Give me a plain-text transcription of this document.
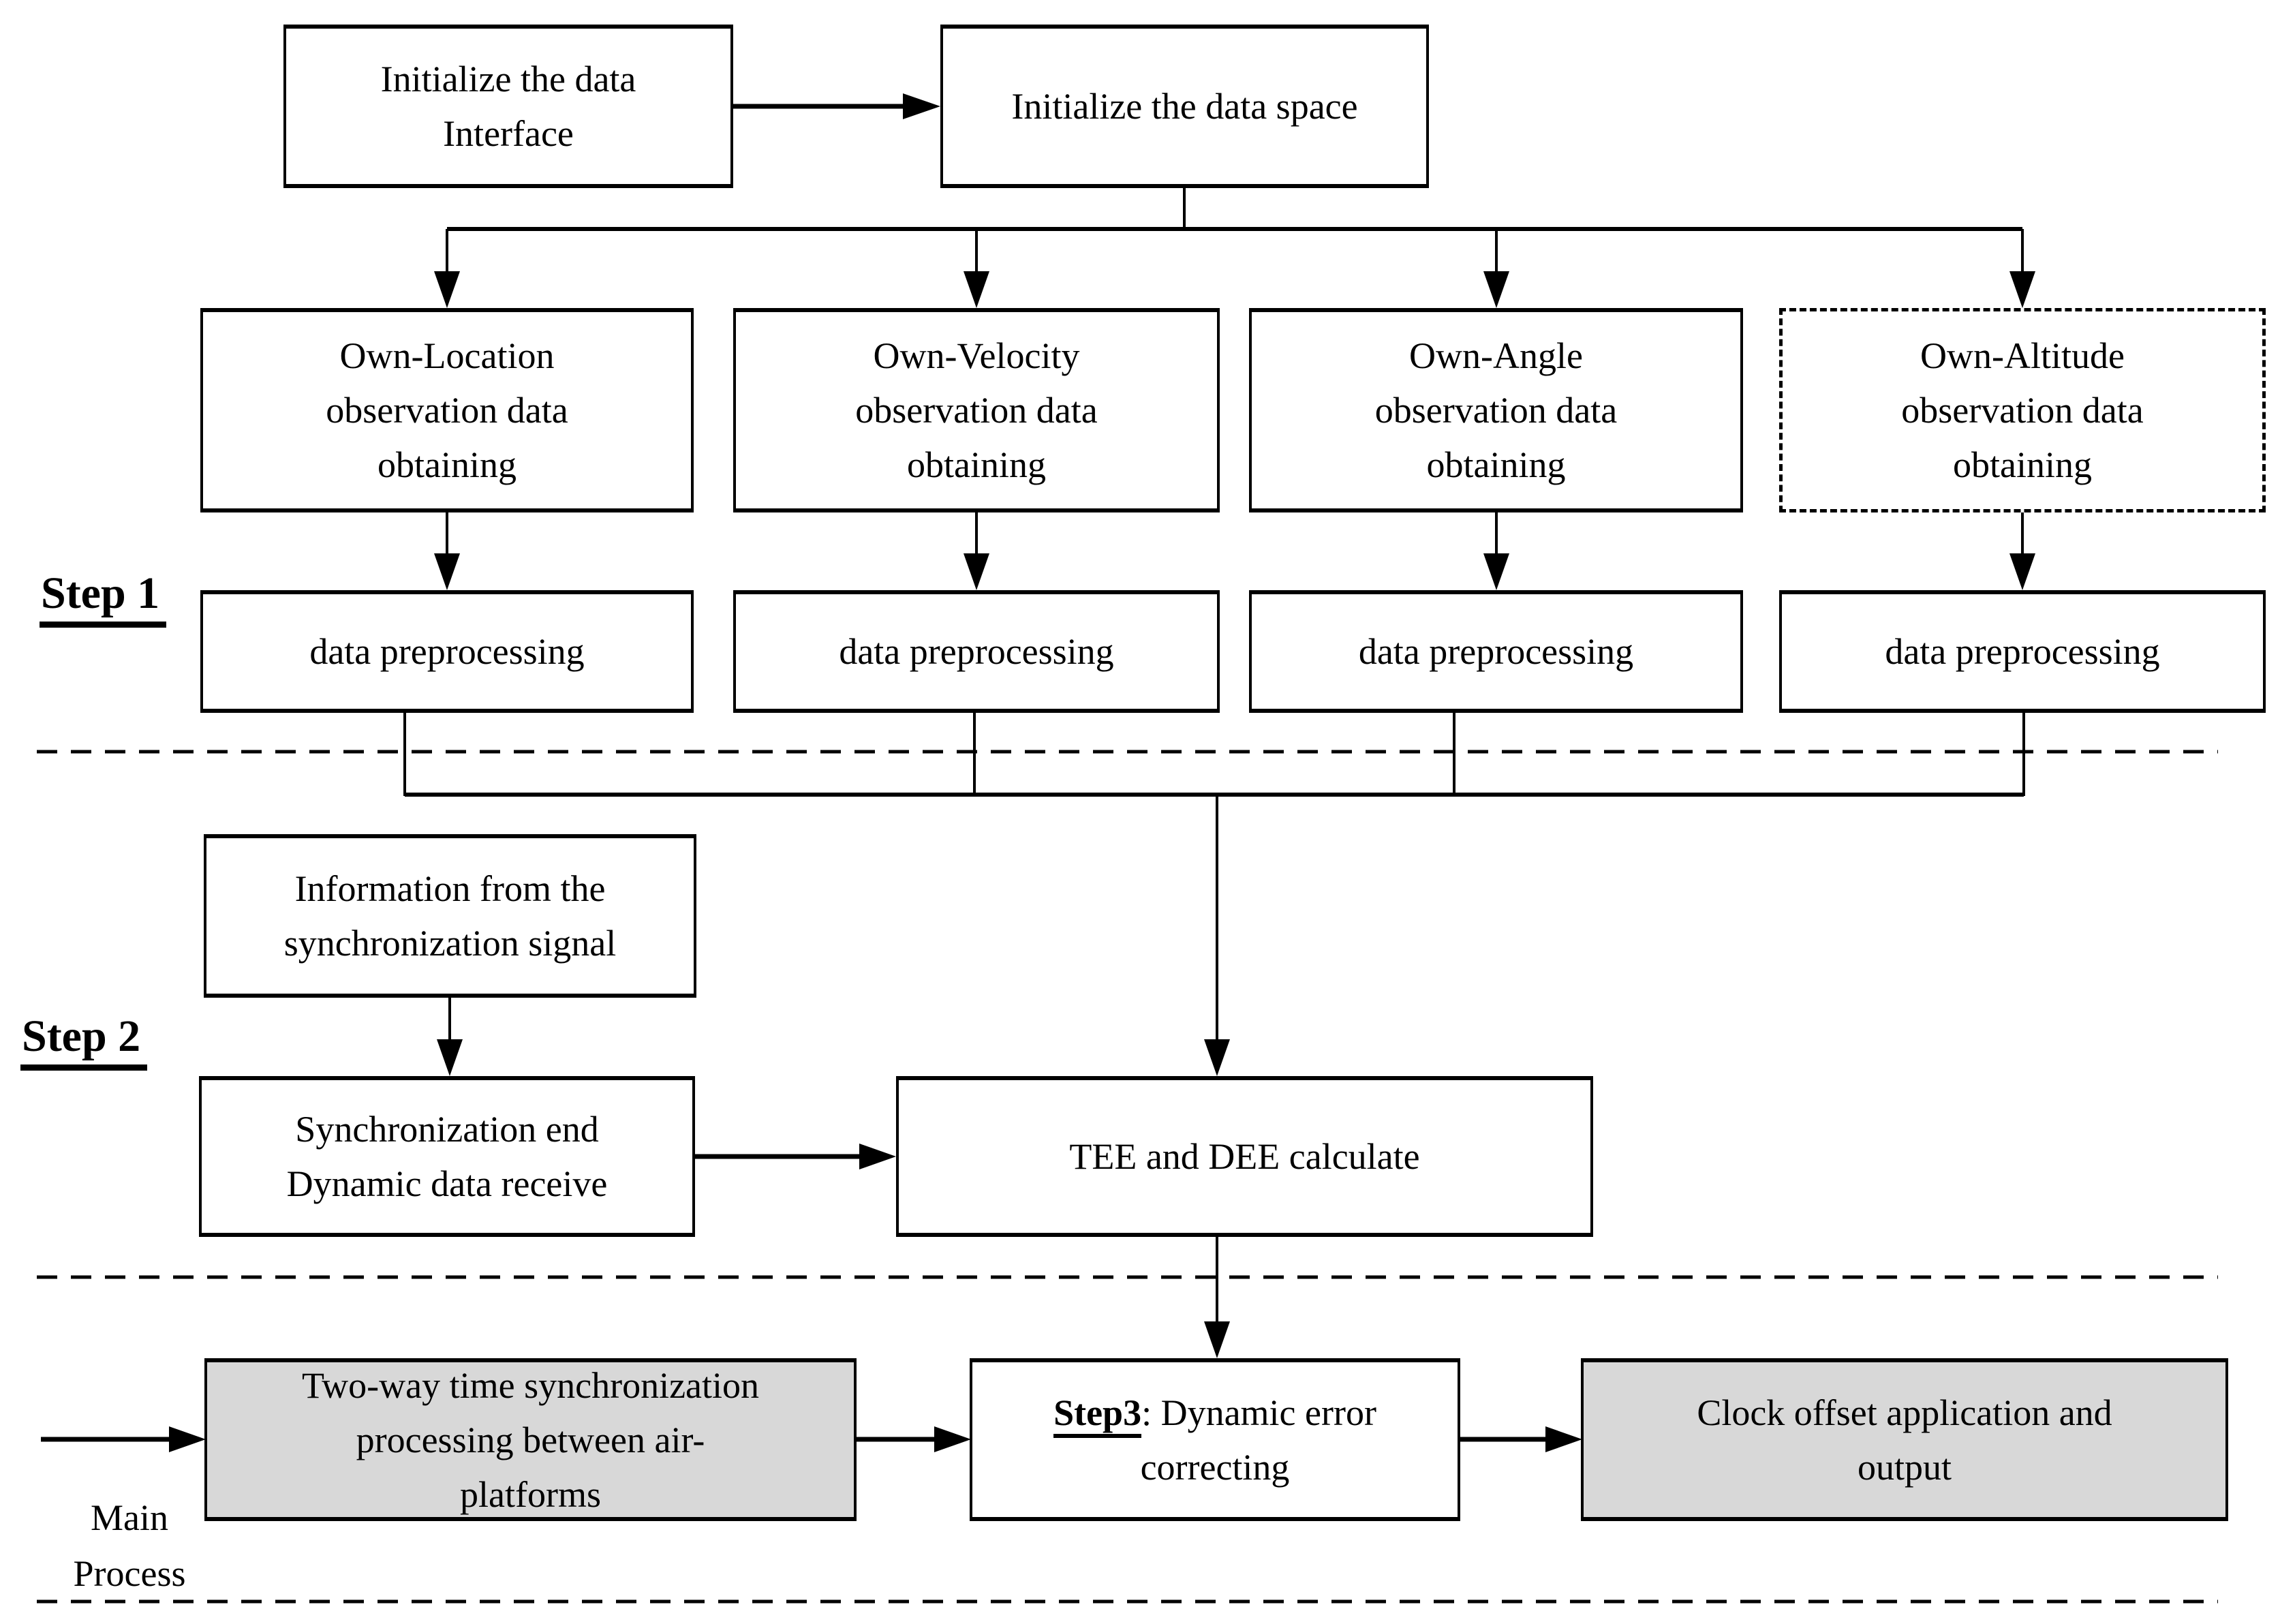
Initialize the data
Interface
Initialize the data space
Own-Location
observation data
obtaining
Own-Velocity
observation data
obtaining
Own-Angle
observation data
obtaining
Own-Altitude
observation data
obtaining
data preprocessing	data preprocessing	data preprocessing	data preprocessing
Step 1
Step 2
Information from the
synchronization signal
Synchronization end
Dynamic data receive
TEE and DEE calculate
Two-way time synchronization
processing between air-
platforms
Step3: Dynamic error
correcting
Clock offset application and
output
Main
Process
